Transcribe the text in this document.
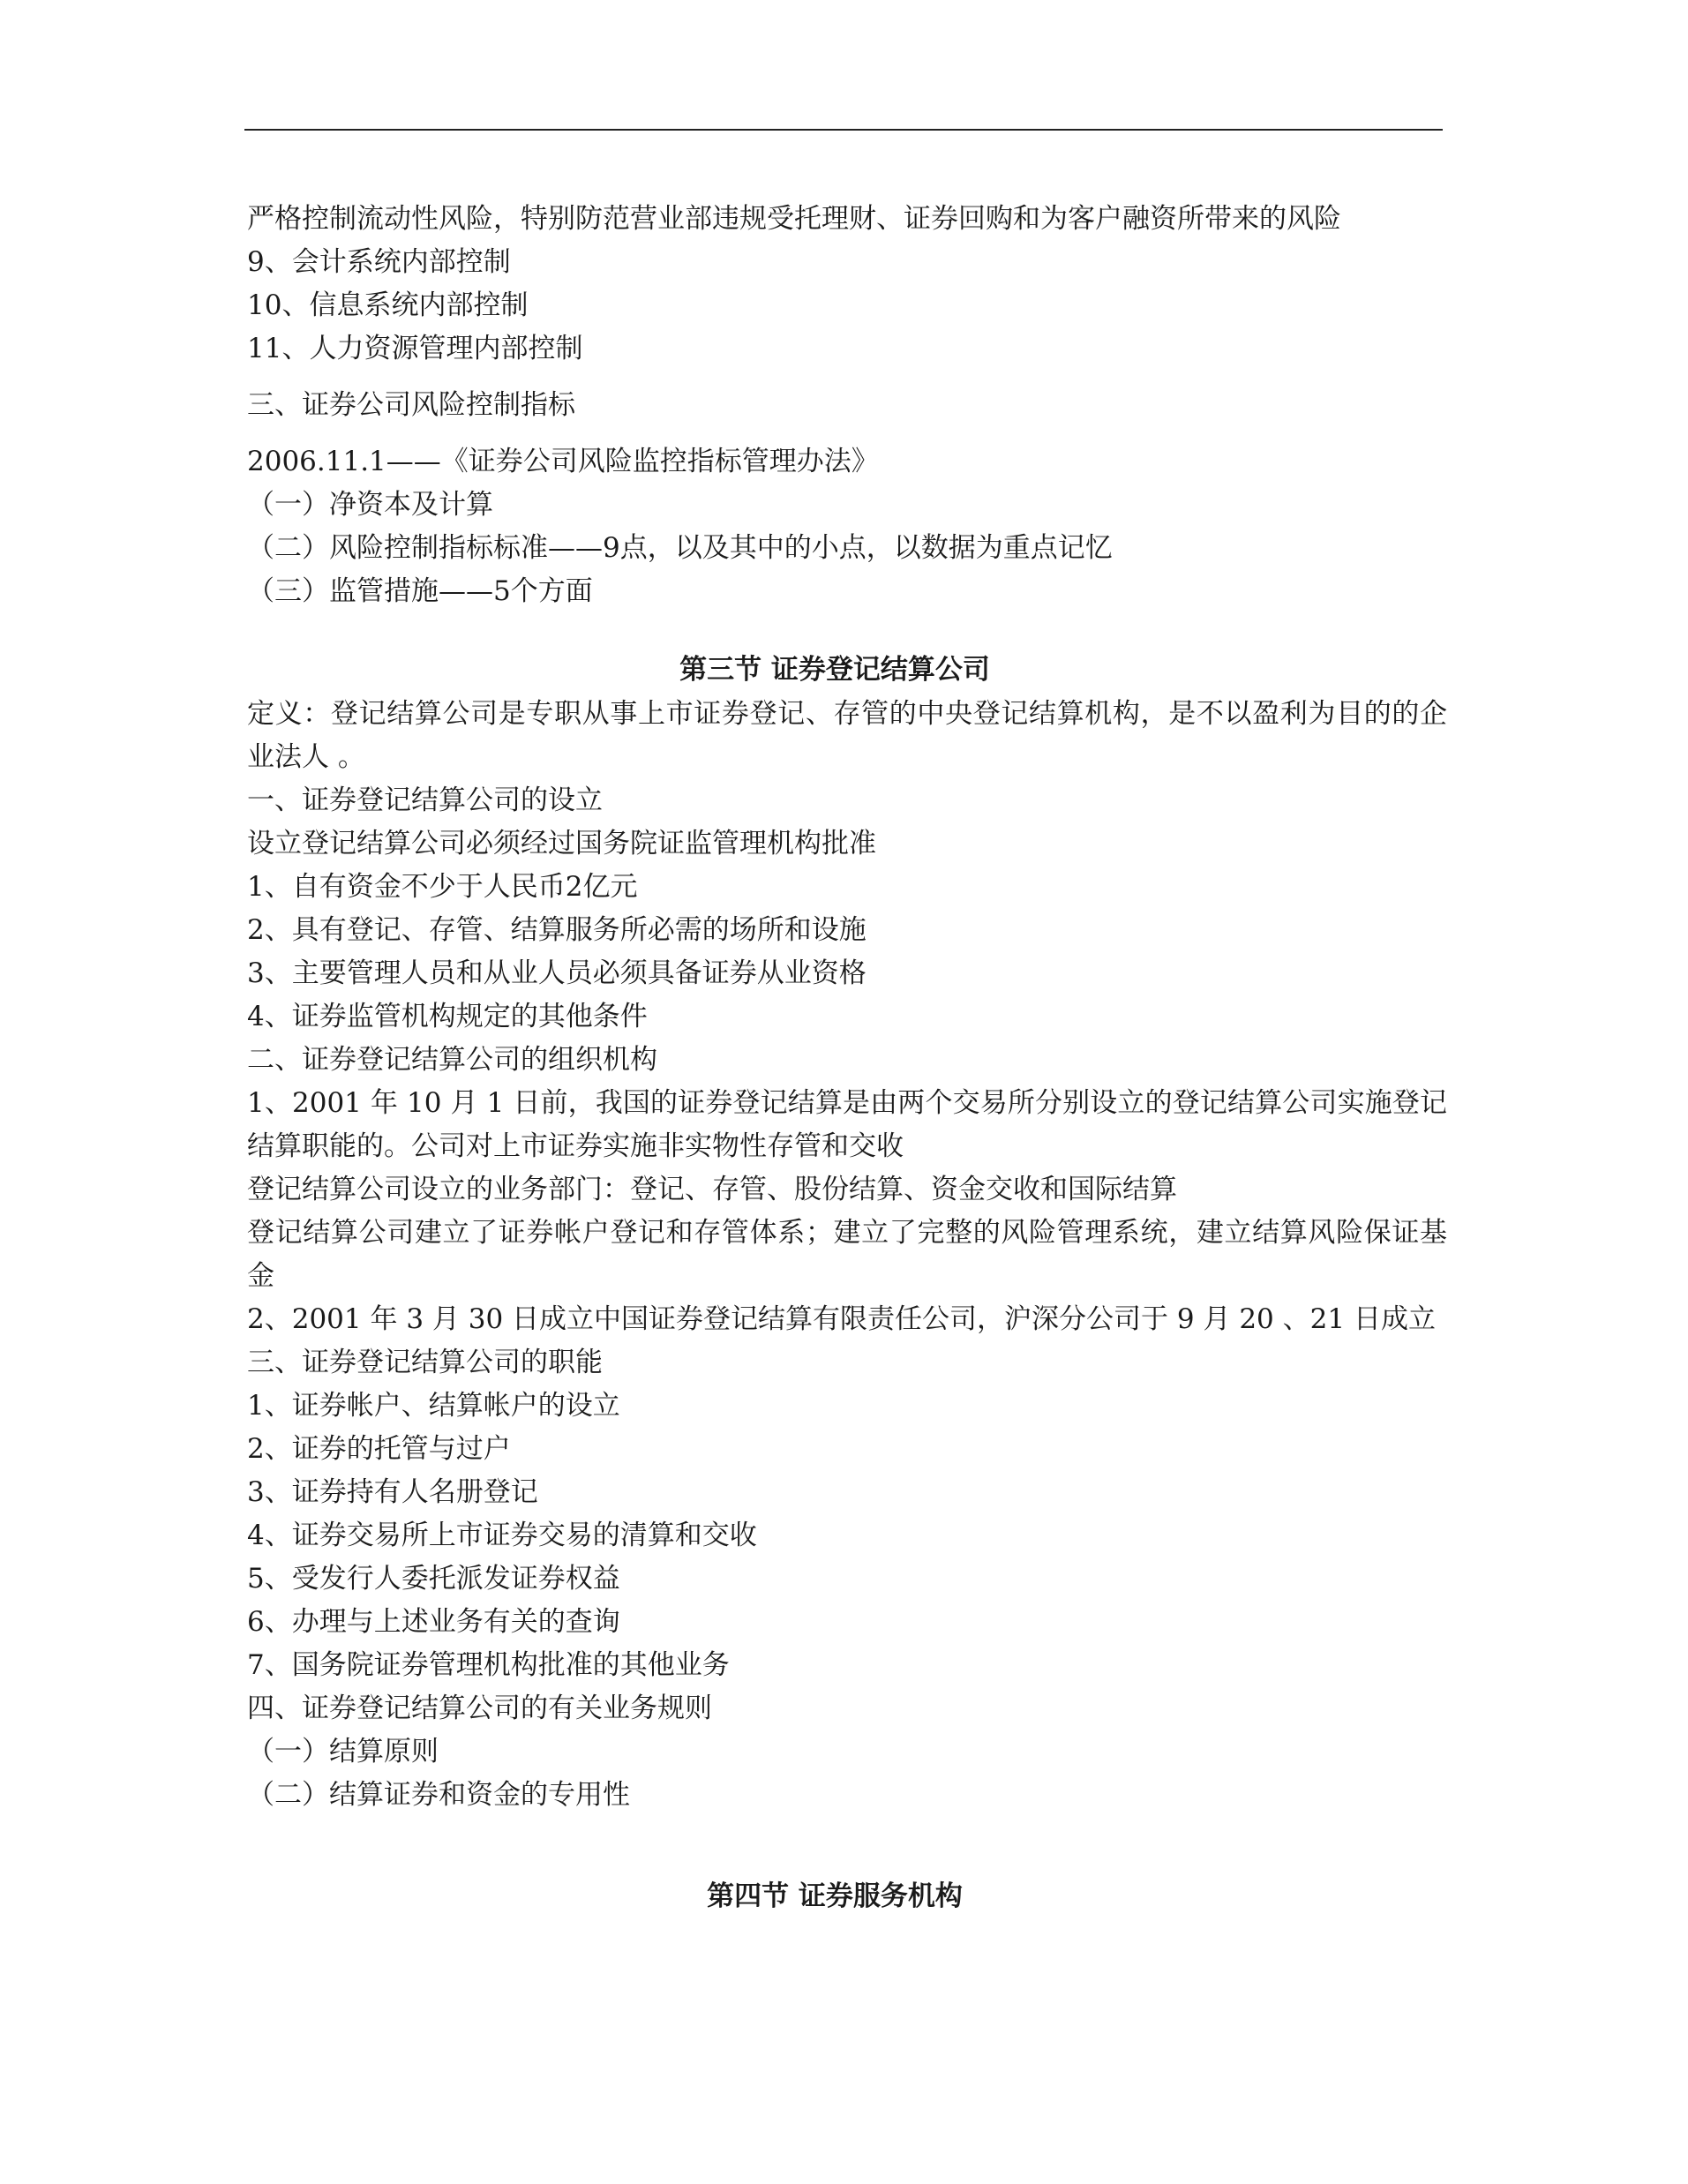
严格控制流动性风险，特别防范营业部违规受托理财、证券回购和为客户融资所带来的风险
9、会计系统内部控制
10、信息系统内部控制
11、人力资源管理内部控制
三、证券公司风险控制指标
2006.11.1——《证券公司风险监控指标管理办法》
（一）净资本及计算
（二）风险控制指标标准——9点，以及其中的小点，以数据为重点记忆
（三）监管措施——5个方面
第三节 证券登记结算公司
定义：登记结算公司是专职从事上市证券登记、存管的中央登记结算机构，是不以盈利为目的的企业法人 。
一、证券登记结算公司的设立
设立登记结算公司必须经过国务院证监管理机构批准
1、自有资金不少于人民币2亿元
2、具有登记、存管、结算服务所必需的场所和设施
3、主要管理人员和从业人员必须具备证券从业资格
4、证券监管机构规定的其他条件
二、证券登记结算公司的组织机构
1、2001 年 10 月 1 日前，我国的证券登记结算是由两个交易所分别设立的登记结算公司实施登记结算职能的。公司对上市证券实施非实物性存管和交收
登记结算公司设立的业务部门：登记、存管、股份结算、资金交收和国际结算
登记结算公司建立了证券帐户登记和存管体系；建立了完整的风险管理系统，建立结算风险保证基金
2、2001 年 3 月 30 日成立中国证券登记结算有限责任公司，沪深分公司于 9 月 20 、21 日成立
三、证券登记结算公司的职能
1、证券帐户、结算帐户的设立
2、证券的托管与过户
3、证券持有人名册登记
4、证券交易所上市证券交易的清算和交收
5、受发行人委托派发证券权益
6、办理与上述业务有关的查询
7、国务院证券管理机构批准的其他业务
四、证券登记结算公司的有关业务规则
（一）结算原则
（二）结算证券和资金的专用性
第四节 证券服务机构
